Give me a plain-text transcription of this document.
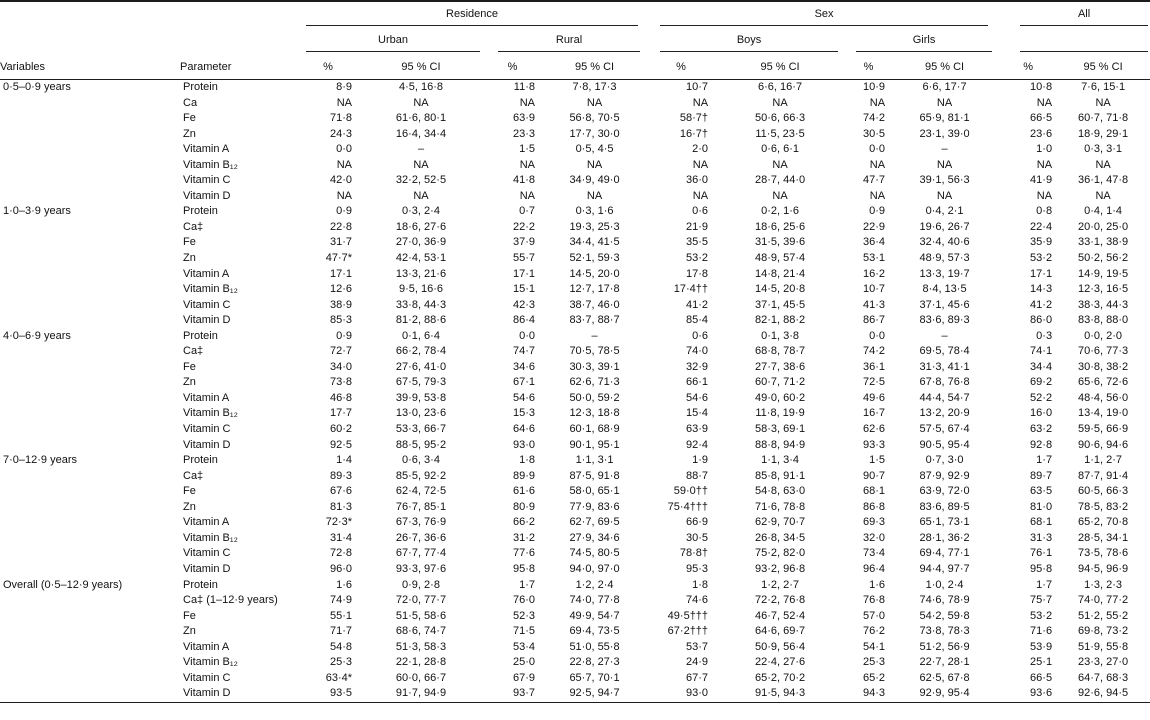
		Residence				Sex				All	

		Urban		Rural		Boys		Girls			

Variables	Parameter	%	95 % CI	%	95 % CI	%	95 % CI	%	95 % CI	%	95 % CI
0·5–0·9 years	Protein	8·9	4·5, 16·8	11·8	7·8, 17·3	10·7	6·6, 16·7	10·9	6·6, 17·7	10·8	7·6, 15·1
	Ca	NA	NA	NA	NA	NA	NA	NA	NA	NA	NA
	Fe	71·8	61·6, 80·1	63·9	56·8, 70·5	58·7†	50·6, 66·3	74·2	65·9, 81·1	66·5	60·7, 71·8
	Zn	24·3	16·4, 34·4	23·3	17·7, 30·0	16·7†	11·5, 23·5	30·5	23·1, 39·0	23·6	18·9, 29·1
	Vitamin A	0·0	–	1·5	0·5, 4·5	2·0	0·6, 6·1	0·0	–	1·0	0·3, 3·1
	Vitamin B₁₂	NA	NA	NA	NA	NA	NA	NA	NA	NA	NA
	Vitamin C	42·0	32·2, 52·5	41·8	34·9, 49·0	36·0	28·7, 44·0	47·7	39·1, 56·3	41·9	36·1, 47·8
	Vitamin D	NA	NA	NA	NA	NA	NA	NA	NA	NA	NA
1·0–3·9 years	Protein	0·9	0·3, 2·4	0·7	0·3, 1·6	0·6	0·2, 1·6	0·9	0·4, 2·1	0·8	0·4, 1·4
	Ca‡	22·8	18·6, 27·6	22·2	19·3, 25·3	21·9	18·6, 25·6	22·9	19·6, 26·7	22·4	20·0, 25·0
	Fe	31·7	27·0, 36·9	37·9	34·4, 41·5	35·5	31·5, 39·6	36·4	32·4, 40·6	35·9	33·1, 38·9
	Zn	47·7*	42·4, 53·1	55·7	52·1, 59·3	53·2	48·9, 57·4	53·1	48·9, 57·3	53·2	50·2, 56·2
	Vitamin A	17·1	13·3, 21·6	17·1	14·5, 20·0	17·8	14·8, 21·4	16·2	13·3, 19·7	17·1	14·9, 19·5
	Vitamin B₁₂	12·6	9·5, 16·6	15·1	12·7, 17·8	17·4††	14·5, 20·8	10·7	8·4, 13·5	14·3	12·3, 16·5
	Vitamin C	38·9	33·8, 44·3	42·3	38·7, 46·0	41·2	37·1, 45·5	41·3	37·1, 45·6	41·2	38·3, 44·3
	Vitamin D	85·3	81·2, 88·6	86·4	83·7, 88·7	85·4	82·1, 88·2	86·7	83·6, 89·3	86·0	83·8, 88·0
4·0–6·9 years	Protein	0·9	0·1, 6·4	0·0	–	0·6	0·1, 3·8	0·0	–	0·3	0·0, 2·0
	Ca‡	72·7	66·2, 78·4	74·7	70·5, 78·5	74·0	68·8, 78·7	74·2	69·5, 78·4	74·1	70·6, 77·3
	Fe	34·0	27·6, 41·0	34·6	30·3, 39·1	32·9	27·7, 38·6	36·1	31·3, 41·1	34·4	30·8, 38·2
	Zn	73·8	67·5, 79·3	67·1	62·6, 71·3	66·1	60·7, 71·2	72·5	67·8, 76·8	69·2	65·6, 72·6
	Vitamin A	46·8	39·9, 53·8	54·6	50·0, 59·2	54·6	49·0, 60·2	49·6	44·4, 54·7	52·2	48·4, 56·0
	Vitamin B₁₂	17·7	13·0, 23·6	15·3	12·3, 18·8	15·4	11·8, 19·9	16·7	13·2, 20·9	16·0	13·4, 19·0
	Vitamin C	60·2	53·3, 66·7	64·6	60·1, 68·9	63·9	58·3, 69·1	62·6	57·5, 67·4	63·2	59·5, 66·9
	Vitamin D	92·5	88·5, 95·2	93·0	90·1, 95·1	92·4	88·8, 94·9	93·3	90·5, 95·4	92·8	90·6, 94·6
7·0–12·9 years	Protein	1·4	0·6, 3·4	1·8	1·1, 3·1	1·9	1·1, 3·4	1·5	0·7, 3·0	1·7	1·1, 2·7
	Ca‡	89·3	85·5, 92·2	89·9	87·5, 91·8	88·7	85·8, 91·1	90·7	87·9, 92·9	89·7	87·7, 91·4
	Fe	67·6	62·4, 72·5	61·6	58·0, 65·1	59·0††	54·8, 63·0	68·1	63·9, 72·0	63·5	60·5, 66·3
	Zn	81·3	76·7, 85·1	80·9	77·9, 83·6	75·4†††	71·6, 78·8	86·8	83·6, 89·5	81·0	78·5, 83·2
	Vitamin A	72·3*	67·3, 76·9	66·2	62·7, 69·5	66·9	62·9, 70·7	69·3	65·1, 73·1	68·1	65·2, 70·8
	Vitamin B₁₂	31·4	26·7, 36·6	31·2	27·9, 34·6	30·5	26·8, 34·5	32·0	28·1, 36·2	31·3	28·5, 34·1
	Vitamin C	72·8	67·7, 77·4	77·6	74·5, 80·5	78·8†	75·2, 82·0	73·4	69·4, 77·1	76·1	73·5, 78·6
	Vitamin D	96·0	93·3, 97·6	95·8	94·0, 97·0	95·3	93·2, 96·8	96·4	94·4, 97·7	95·8	94·5, 96·9
Overall (0·5–12·9 years)	Protein	1·6	0·9, 2·8	1·7	1·2, 2·4	1·8	1·2, 2·7	1·6	1·0, 2·4	1·7	1·3, 2·3
	Ca‡ (1–12·9 years)	74·9	72·0, 77·7	76·0	74·0, 77·8	74·6	72·2, 76·8	76·8	74·6, 78·9	75·7	74·0, 77·2
	Fe	55·1	51·5, 58·6	52·3	49·9, 54·7	49·5†††	46·7, 52·4	57·0	54·2, 59·8	53·2	51·2, 55·2
	Zn	71·7	68·6, 74·7	71·5	69·4, 73·5	67·2†††	64·6, 69·7	76·2	73·8, 78·3	71·6	69·8, 73·2
	Vitamin A	54·8	51·3, 58·3	53·4	51·0, 55·8	53·7	50·9, 56·4	54·1	51·2, 56·9	53·9	51·9, 55·8
	Vitamin B₁₂	25·3	22·1, 28·8	25·0	22·8, 27·3	24·9	22·4, 27·6	25·3	22·7, 28·1	25·1	23·3, 27·0
	Vitamin C	63·4*	60·0, 66·7	67·9	65·7, 70·1	67·7	65·2, 70·2	65·2	62·5, 67·8	66·5	64·7, 68·3
	Vitamin D	93·5	91·7, 94·9	93·7	92·5, 94·7	93·0	91·5, 94·3	94·3	92·9, 95·4	93·6	92·6, 94·5
